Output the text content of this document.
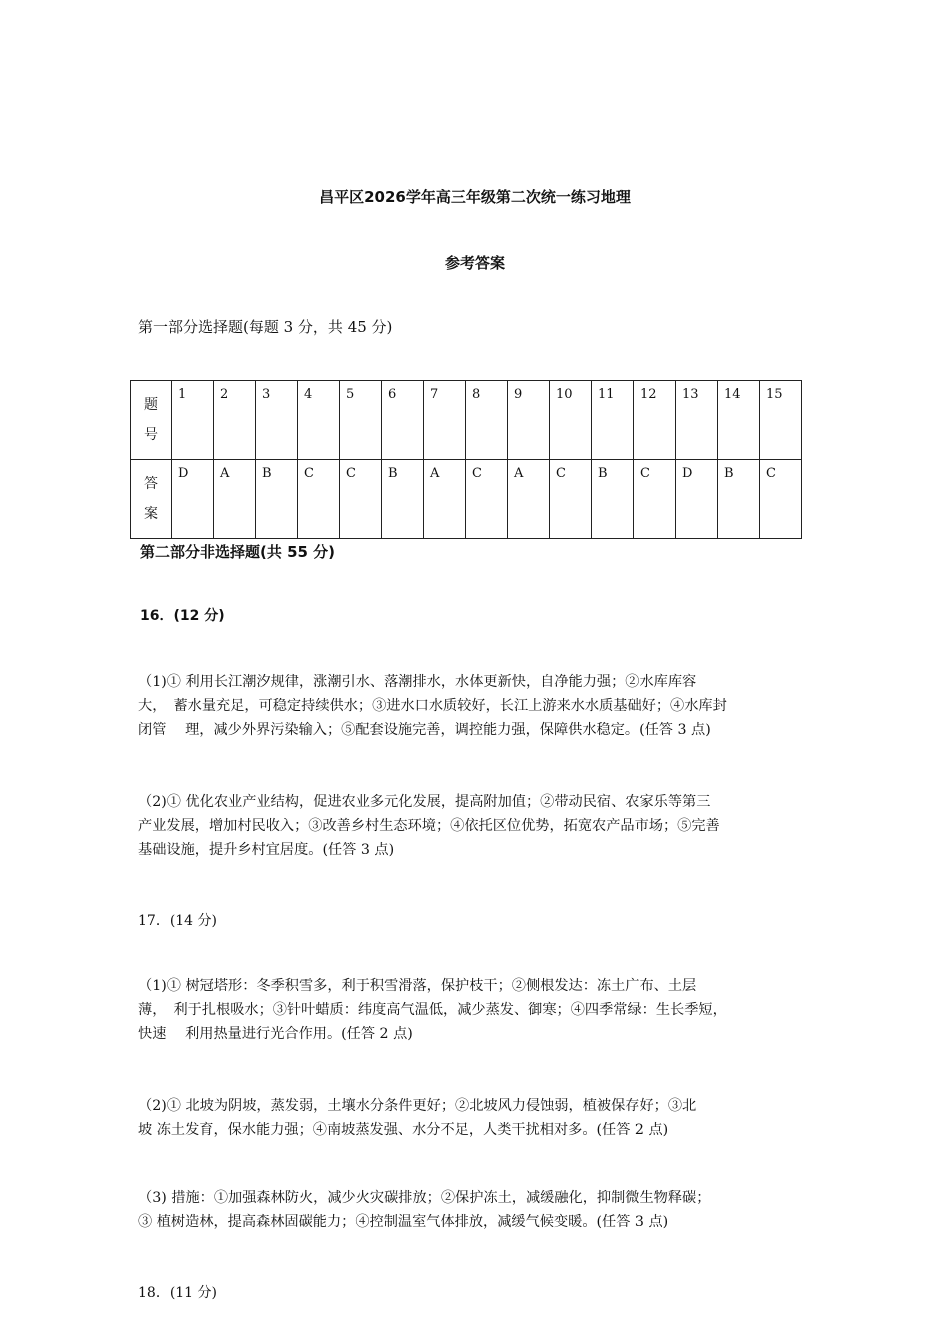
昌平区2026学年高三年级第二次统一练习地理
参考答案
第一部分选择题(每题 3 分，共 45 分)
题
号	1	2	3	4	5	6	7	8	9	10	11	12	13	14	15

答
案	D	A	B	C	C	B	A	C	A	C	B	C	D	B	C
第二部分非选择题(共 55 分)
16．(12 分)
（1)① 利用长江潮汐规律，涨潮引水、落潮排水，水体更新快，自净能力强；②水库库容
大，　蓄水量充足，可稳定持续供水；③进水口水质较好，长江上游来水水质基础好；④水库封
闭管　 理，减少外界污染输入；⑤配套设施完善，调控能力强，保障供水稳定。(任答 3 点)
（2)① 优化农业产业结构，促进农业多元化发展，提高附加值；②带动民宿、农家乐等第三
产业发展，增加村民收入；③改善乡村生态环境；④依托区位优势，拓宽农产品市场；⑤完善
基础设施，提升乡村宜居度。(任答 3 点)
17．(14 分)
（1)① 树冠塔形：冬季积雪多，利于积雪滑落，保护枝干；②侧根发达：冻土广布、土层
薄，　利于扎根吸水；③针叶蜡质：纬度高气温低，减少蒸发、御寒；④四季常绿：生长季短，
快速　 利用热量进行光合作用。(任答 2 点)
（2)① 北坡为阴坡，蒸发弱，土壤水分条件更好；②北坡风力侵蚀弱，植被保存好；③北
坡 冻土发育，保水能力强；④南坡蒸发强、水分不足，人类干扰相对多。(任答 2 点)
（3) 措施：①加强森林防火，减少火灾碳排放；②保护冻土，减缓融化，抑制微生物释碳；
③ 植树造林，提高森林固碳能力；④控制温室气体排放，减缓气候变暖。(任答 3 点)
18．(11 分)
